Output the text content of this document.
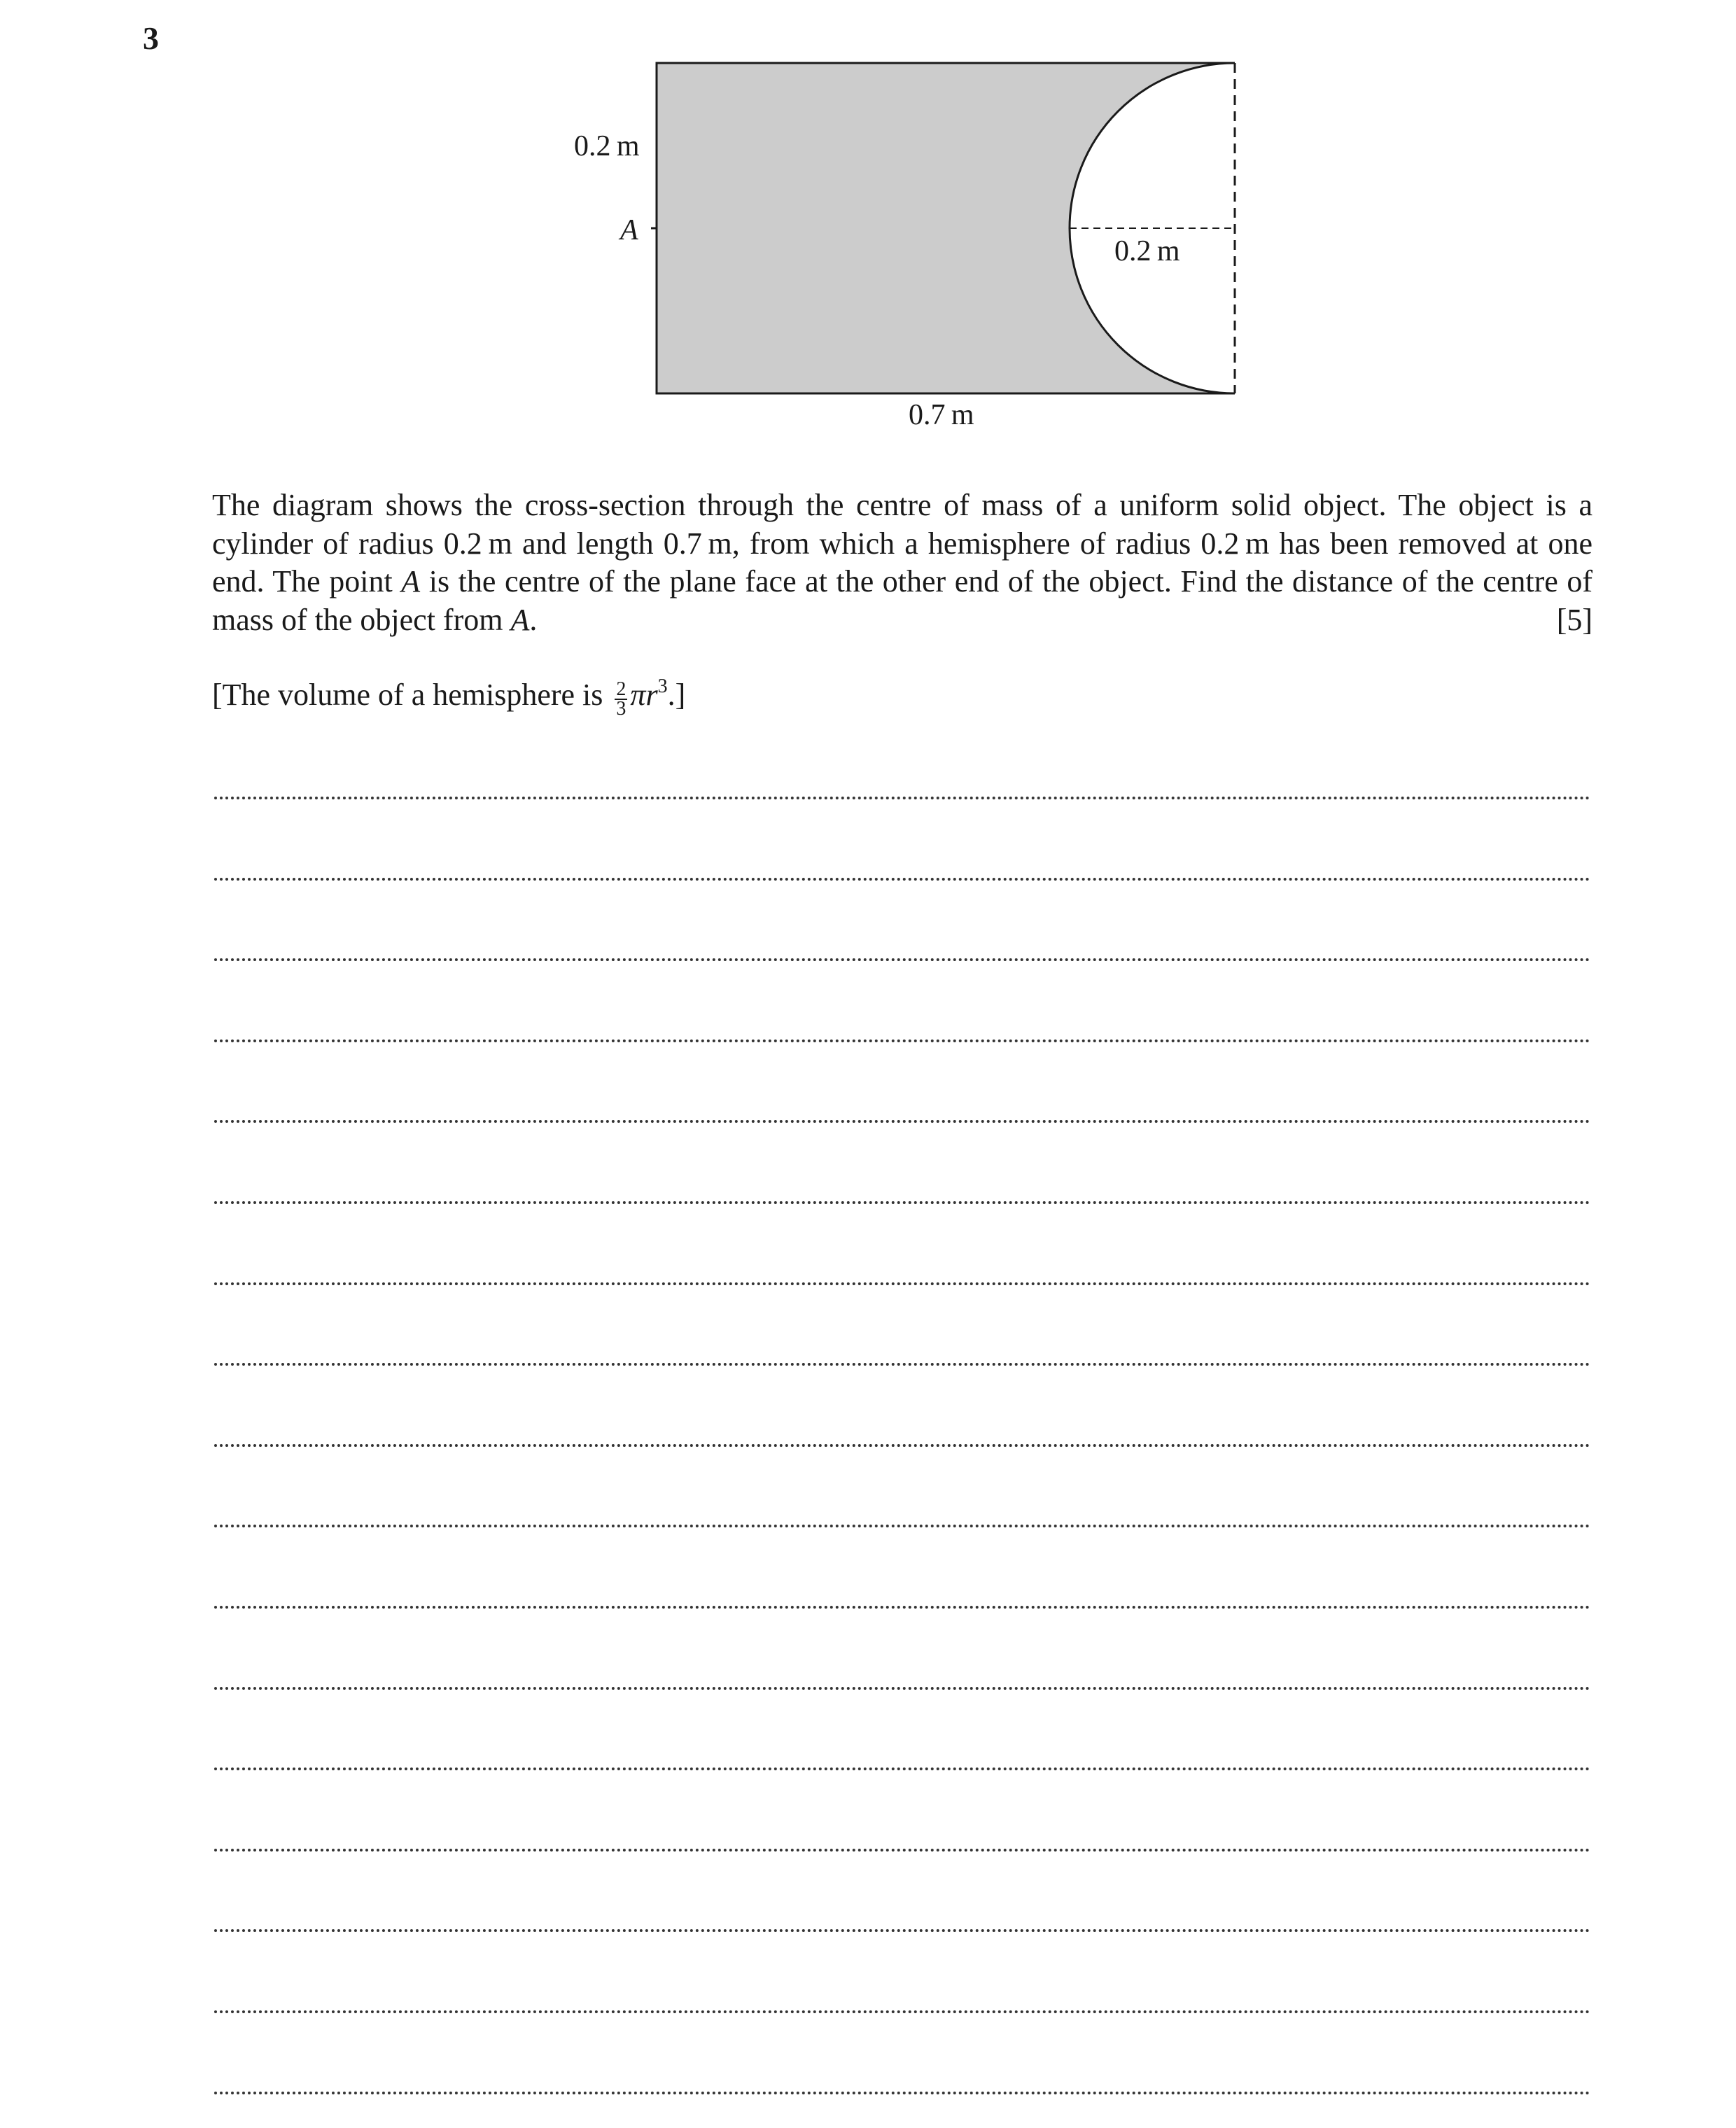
3

0.2 m
A
0.2 m
0.7 m

The diagram shows the cross-section through the centre of mass of a uniform solid object. The object is a cylinder of radius 0.2 m and length 0.7 m, from which a hemisphere of radius 0.2 m has been removed at one end. The point A is the centre of the plane face at the other end of the object. Find the distance of the centre of mass of the object from A.	[5]

[The volume of a hemisphere is $\frac{2}{3} \pi r^3$.]
